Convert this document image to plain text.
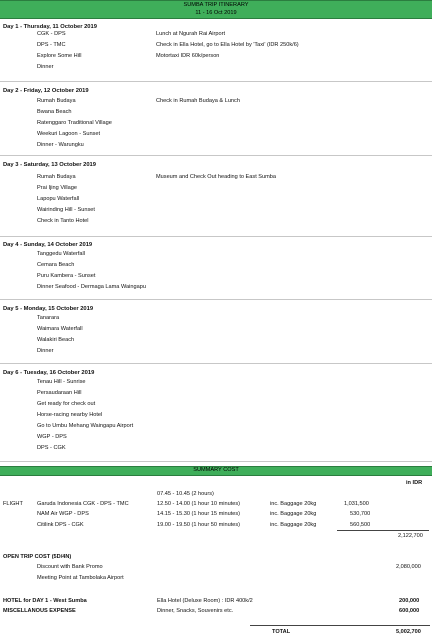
SUMBA TRIP ITINERARY
11 - 16 Oct 2019
Day 1 - Thursday, 11 October 2019
CGK - DPS	Lunch at Ngurah Rai Airport
DPS - TMC	Check in Ella Hotel, go to Ella Hotel by 'Taxi' (IDR 250k/6)
Explore Some Hill	Motortaxi IDR 60k/person
Dinner
Day 2 - Friday, 12 October 2019
Rumah Budaya	Check in Rumah Budaya & Lunch
Bwana Beach
Ratenggaro Traditional Village
Weekuri Lagoon - Sunset
Dinner - Warungku
Day 3 - Saturday, 13 October 2019
Rumah Budaya	Museum and Check Out heading to East Sumba
Prai Ijing Village
Lapopu Waterfall
Wairinding Hill - Sunset
Check in Tanto Hotel
Day 4 - Sunday, 14 October 2019
Tanggedu Waterfall
Cemara Beach
Puru Kambera - Sunset
Dinner Seafood - Dermaga Lama Waingapu
Day 5 - Monday, 15 October 2019
Tanarara
Waimara Waterfall
Walakiri Beach
Dinner
Day 6 - Tuesday, 16 October 2019
Tenau Hill - Sunrise
Persaudaraan Hill
Get ready for check out
Horse-racing nearby Hotel
Go to Umbu Mehang Waingapu Airport
WGP - DPS
DPS - CGK
SUMMARY COST
in IDR
07.45 - 10.45 (2 hours)
FLIGHT	Garuda Indonesia CGK - DPS - TMC	12.50 - 14.00 (1 hour 10 minutes)	inc. Baggage 20kg	1,031,500
NAM Air WGP - DPS	14.15 - 15.30 (1 hour 15 minutes)	inc. Baggage 20kg	530,700
Citilink DPS - CGK	19.00 - 19.50 (1 hour 50 minutes)	inc. Baggage 20kg	560,500
2,122,700
OPEN TRIP COST (5D/4N)
Discount with Bank Promo	2,080,000
Meeting Point at Tambolaka Airport
HOTEL for DAY 1 - West Sumba	Ella Hotel (Deluxe Room) : IDR 400k/2	200,000
MISCELLANOUS EXPENSE	Dinner, Snacks, Souvenirs etc.	600,000
TOTAL	5,002,700
